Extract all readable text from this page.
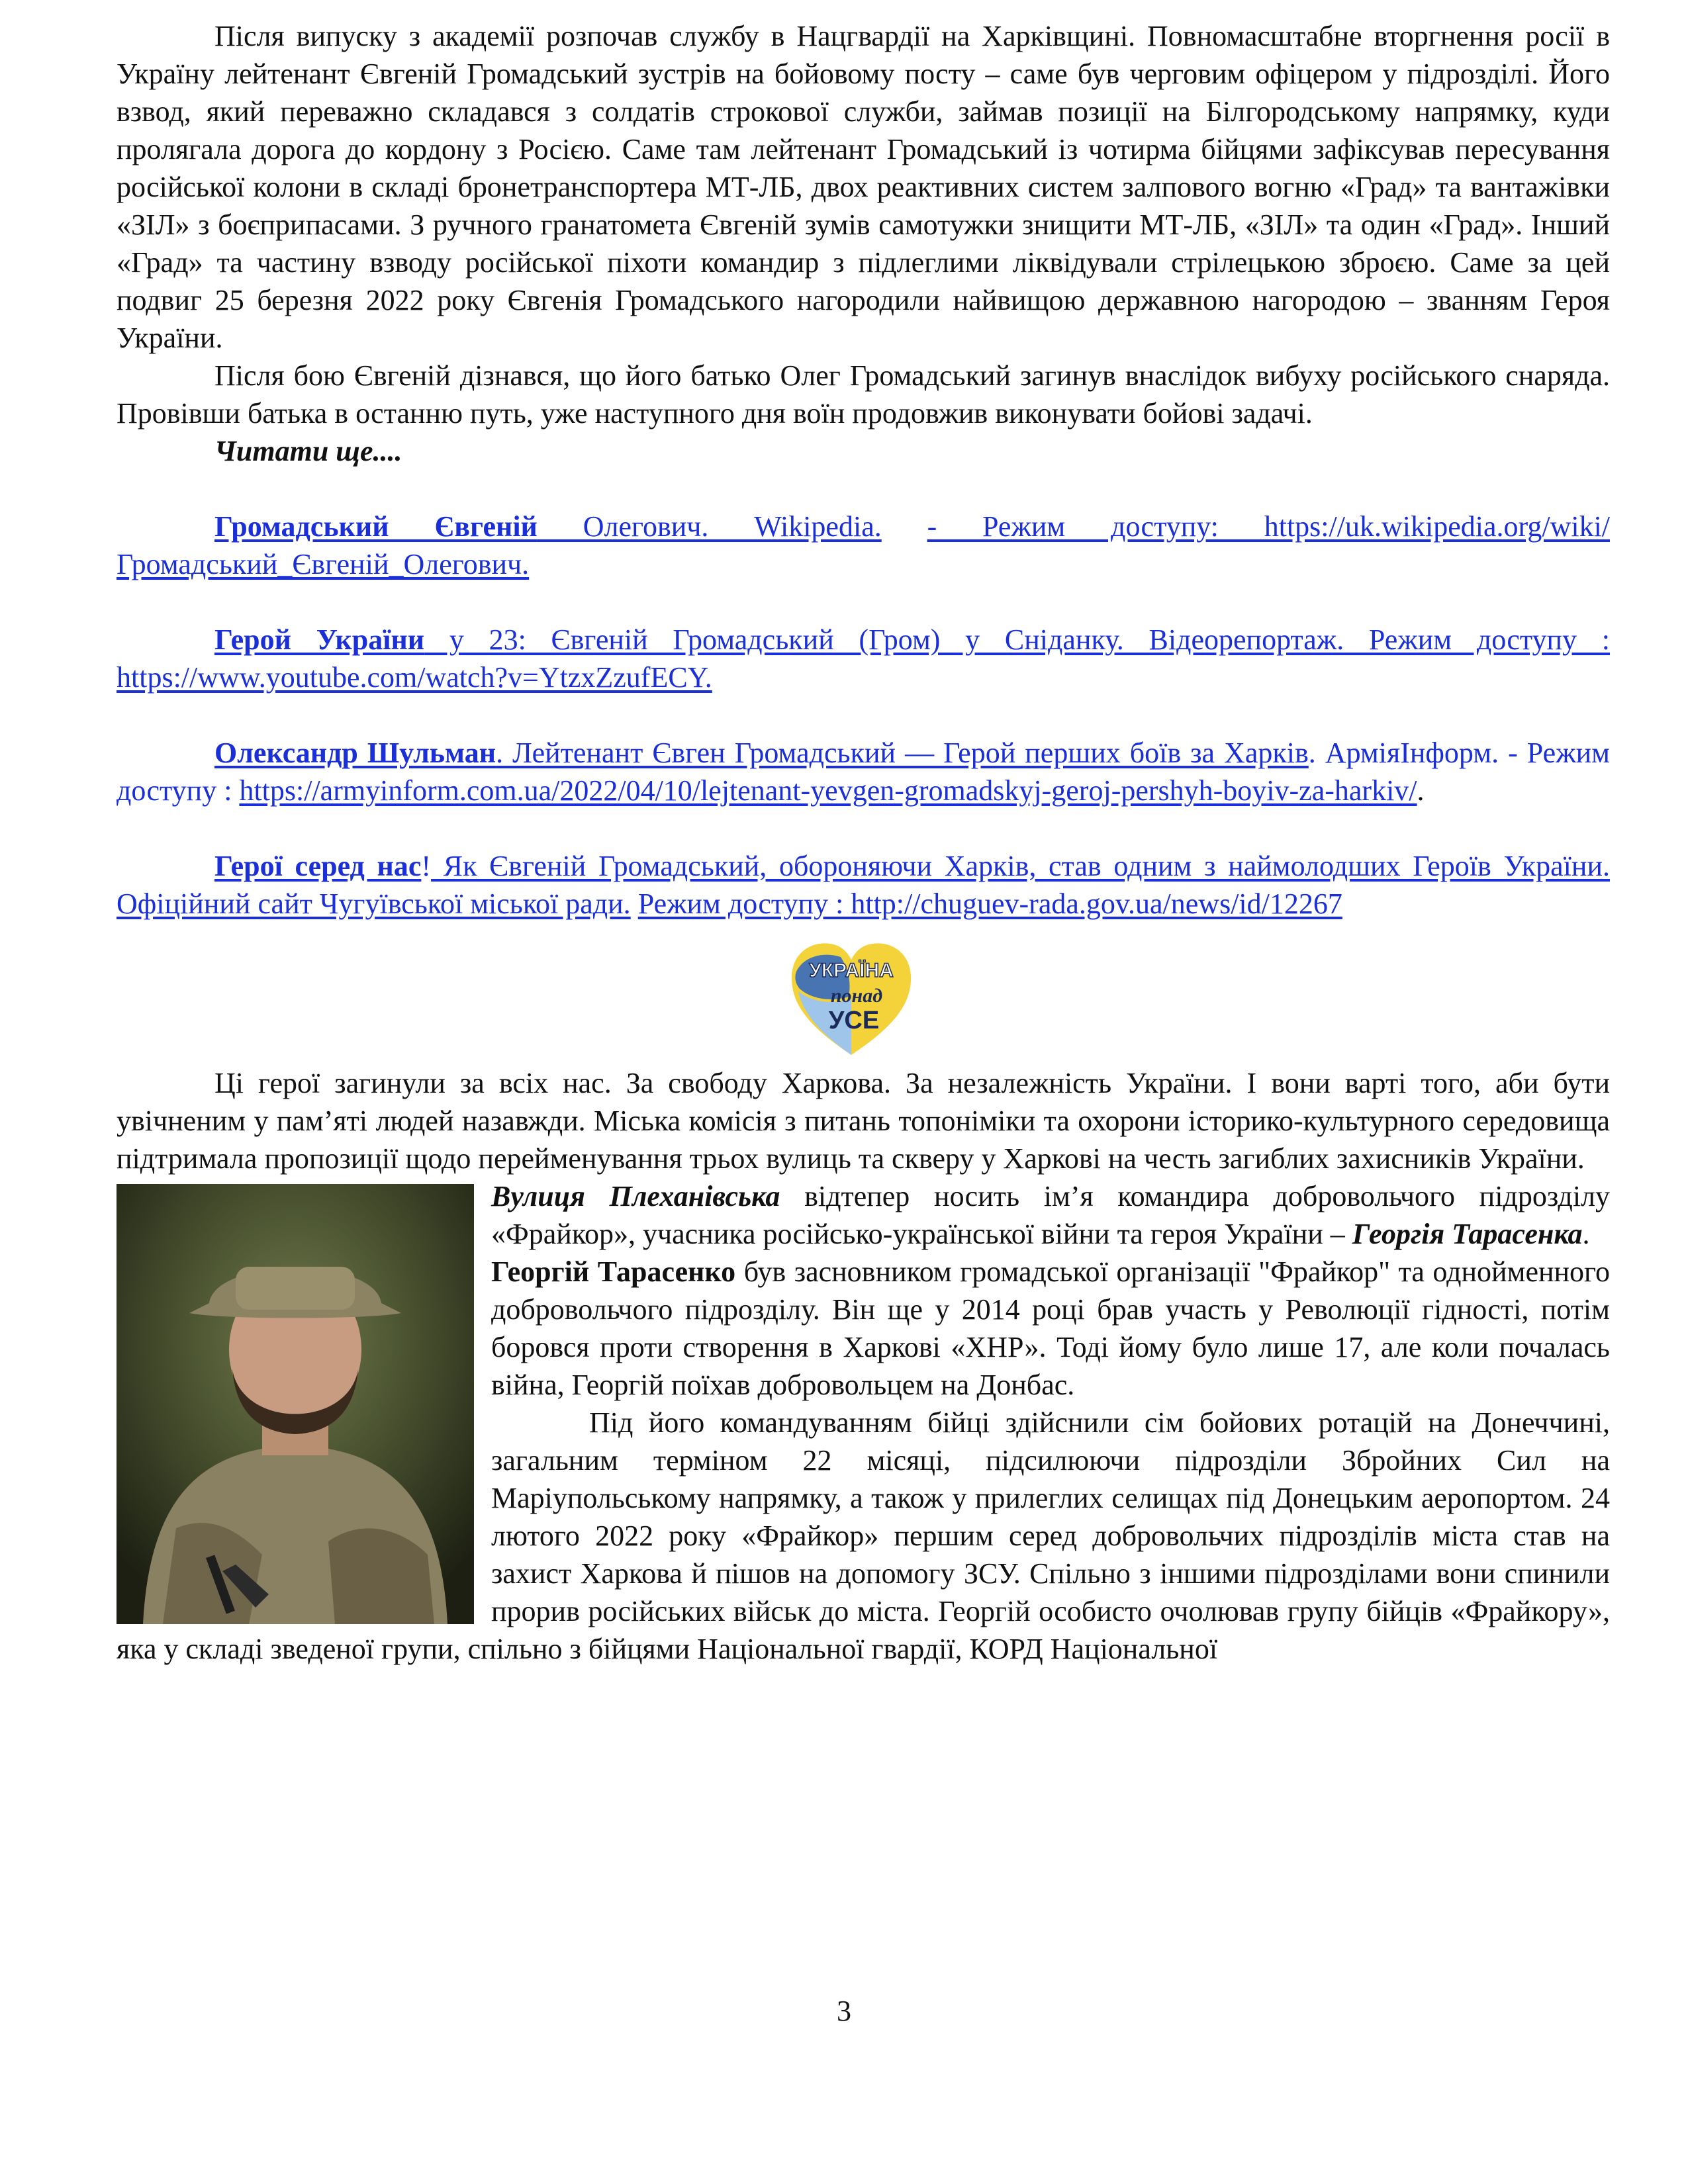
Після випуску з академії розпочав службу в Нацгвардії на Харківщині. Повномасштабне вторгнення росії в Україну лейтенант Євгеній Громадський зустрів на бойовому посту – саме був черговим офіцером у підрозділі. Його взвод, який переважно складався з солдатів строкової служби, займав позиції на Білгородському напрямку, куди пролягала дорога до кордону з Росією. Саме там лейтенант Громадський із чотирма бійцями зафіксував пересування російської колони в складі бронетранспортера МТ-ЛБ, двох реактивних систем залпового вогню «Град» та вантажівки «ЗІЛ» з боєприпасами. З ручного гранатомета Євгеній зумів самотужки знищити МТ-ЛБ, «ЗІЛ» та один «Град». Інший «Град» та частину взводу російської піхоти командир з підлеглими ліквідували стрілецькою зброєю. Саме за цей подвиг 25 березня 2022 року Євгенія Громадського нагородили найвищою державною нагородою – званням Героя України.

Після бою Євгеній дізнався, що його батько Олег Громадський загинув внаслідок вибуху російського снаряда. Провівши батька в останню путь, уже наступного дня воїн продовжив виконувати бойові задачі.

Читати ще....

Громадський Євгеній Олегович. Wikipedia. - Режим доступу: https://uk.wikipedia.org/wiki/Громадський_Євгеній_Олегович.

Герой України у 23: Євгеній Громадський (Гром) у Сніданку. Відеорепортаж. Режим доступу : https://www.youtube.com/watch?v=YtzxZzufECY.

Олександр Шульман. Лейтенант Євген Громадський — Герой перших боїв за Харків. АрміяІнформ. - Режим доступу : https://armyinform.com.ua/2022/04/10/lejtenant-yevgen-gromadskyj-geroj-pershyh-boyiv-za-harkiv/.

Герої серед нас! Як Євгеній Громадський, обороняючи Харків, став одним з наймолодших Героїв України. Офіційний сайт Чугуївської міської ради. Режим доступу : http://chuguev-rada.gov.ua/news/id/12267

УКРАЇНА
понад
УСЕ

Ці герої загинули за всіх нас. За свободу Харкова. За незалежність України. І вони варті того, аби бути увічненим у пам’яті людей назавжди. Міська комісія з питань топоніміки та охорони історико-культурного середовища підтримала пропозиції щодо перейменування трьох вулиць та скверу у Харкові на честь загиблих захисників України.

Вулиця Плеханівська відтепер носить ім’я командира добровольчого підрозділу «Фрайкор», учасника російсько-української війни та героя України – Георгія Тарасенка.

Георгій Тарасенко був засновником громадської організації "Фрайкор" та однойменного добровольчого підрозділу. Він ще у 2014 році брав участь у Революції гідності, потім боровся проти створення в Харкові «ХНР». Тоді йому було лише 17, але коли почалась війна, Георгій поїхав добровольцем на Донбас.

Під його командуванням бійці здійснили сім бойових ротацій на Донеччині, загальним терміном 22 місяці, підсилюючи підрозділи Збройних Сил на Маріупольському напрямку, а також у прилеглих селищах під Донецьким аеропортом. 24 лютого 2022 року «Фрайкор» першим серед добровольчих підрозділів міста став на захист Харкова й пішов на допомогу ЗСУ. Спільно з іншими підрозділами вони спинили прорив російських військ до міста. Георгій особисто очолював групу бійців «Фрайкору», яка у складі зведеної групи, спільно з бійцями Національної гвардії, КОРД Національної

3
